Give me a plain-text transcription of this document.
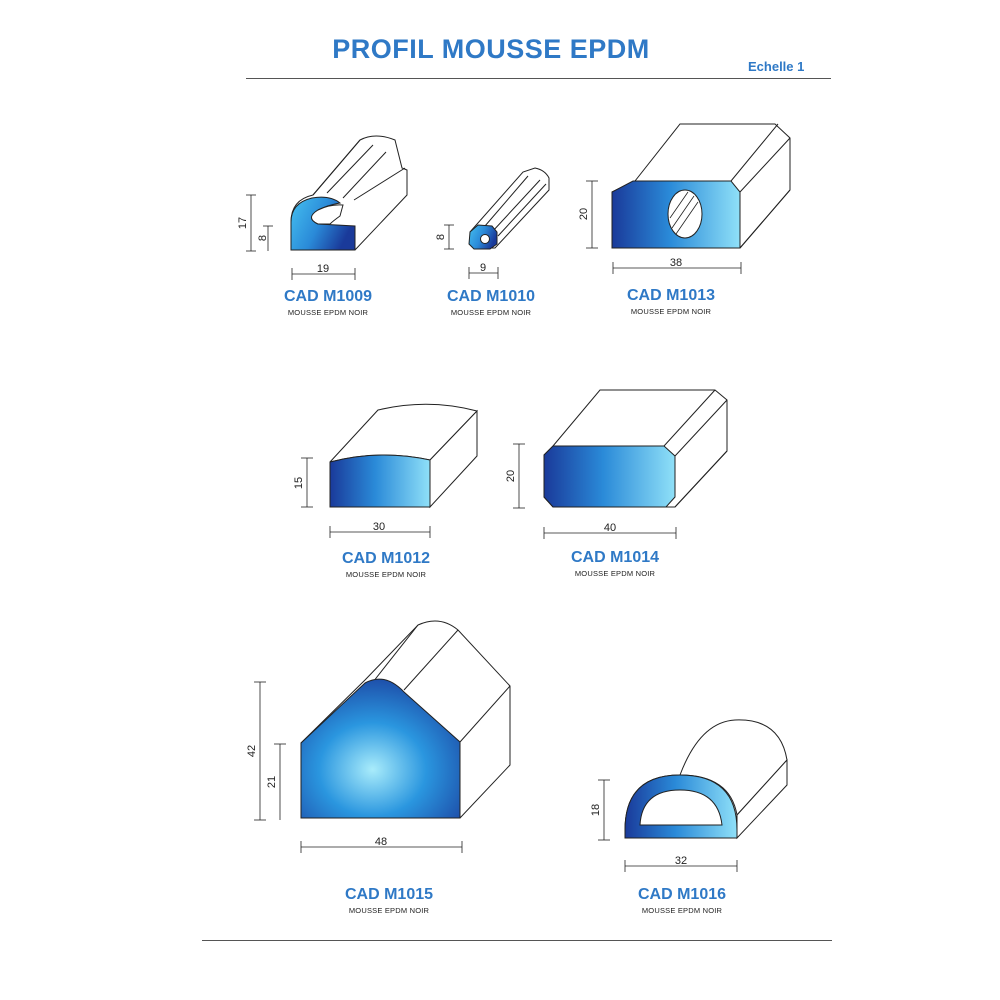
PROFIL MOUSSE EPDM
Echelle 1
17
8
19
8
9
20
38
15
30
20
40
42
21
48
18
32
CAD M1009
MOUSSE EPDM NOIR
CAD M1010
MOUSSE EPDM NOIR
CAD M1013
MOUSSE EPDM NOIR
CAD M1012
MOUSSE EPDM NOIR
CAD M1014
MOUSSE EPDM NOIR
CAD M1015
MOUSSE EPDM NOIR
CAD M1016
MOUSSE EPDM NOIR
